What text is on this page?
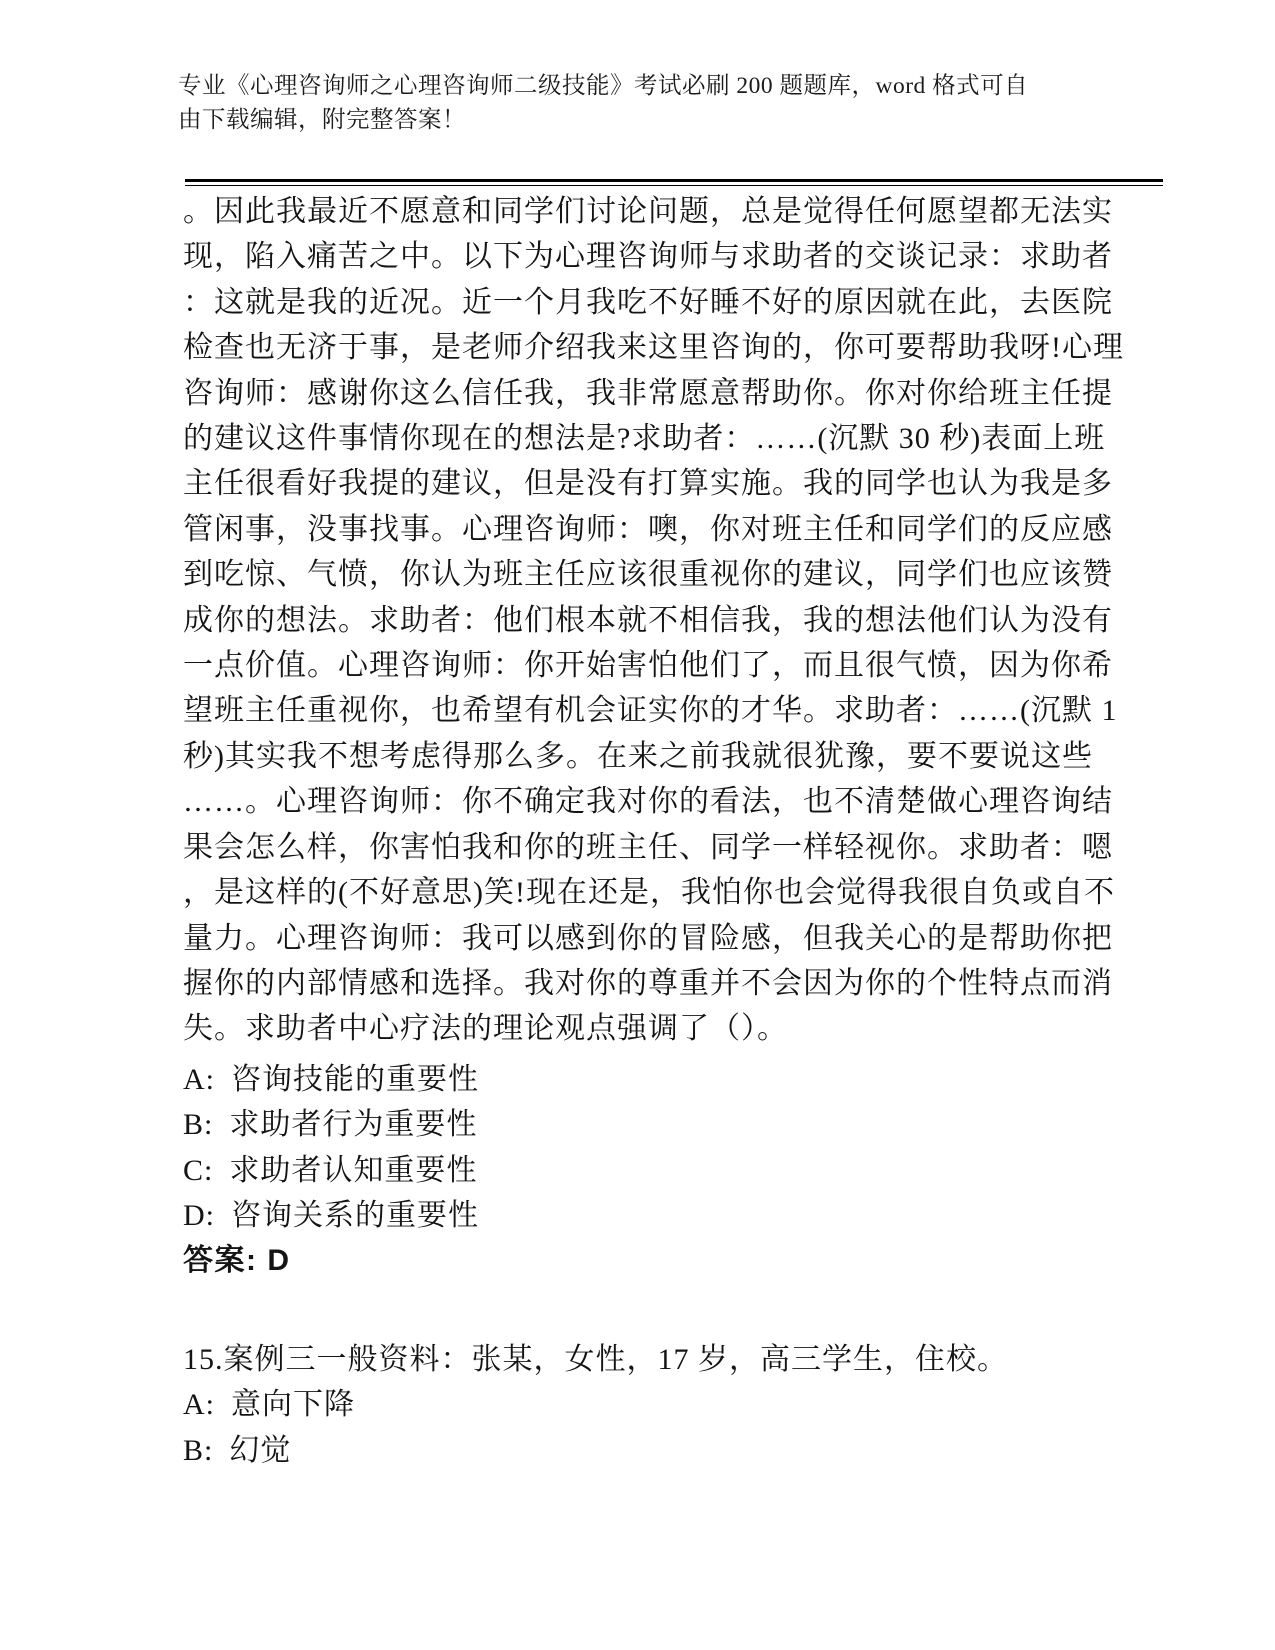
专业《心理咨询师之心理咨询师二级技能》考试必刷 200 题题库，word 格式可自
由下载编辑，附完整答案！
。因此我最近不愿意和同学们讨论问题，总是觉得任何愿望都无法实
现，陷入痛苦之中。以下为心理咨询师与求助者的交谈记录：求助者
：这就是我的近况。近一个月我吃不好睡不好的原因就在此，去医院
检查也无济于事，是老师介绍我来这里咨询的，你可要帮助我呀!心理
咨询师：感谢你这么信任我，我非常愿意帮助你。你对你给班主任提
的建议这件事情你现在的想法是?求助者：……(沉默 30 秒)表面上班
主任很看好我提的建议，但是没有打算实施。我的同学也认为我是多
管闲事，没事找事。心理咨询师：噢，你对班主任和同学们的反应感
到吃惊、气愤，你认为班主任应该很重视你的建议，同学们也应该赞
成你的想法。求助者：他们根本就不相信我，我的想法他们认为没有
一点价值。心理咨询师：你开始害怕他们了，而且很气愤，因为你希
望班主任重视你，也希望有机会证实你的才华。求助者：……(沉默 1
秒)其实我不想考虑得那么多。在来之前我就很犹豫，要不要说这些
……。心理咨询师：你不确定我对你的看法，也不清楚做心理咨询结
果会怎么样，你害怕我和你的班主任、同学一样轻视你。求助者：嗯
，是这样的(不好意思)笑!现在还是，我怕你也会觉得我很自负或自不
量力。心理咨询师：我可以感到你的冒险感，但我关心的是帮助你把
握你的内部情感和选择。我对你的尊重并不会因为你的个性特点而消
失。求助者中心疗法的理论观点强调了（）。
A: 咨询技能的重要性
B: 求助者行为重要性
C: 求助者认知重要性
D: 咨询关系的重要性
答案: D
15.案例三一般资料：张某，女性，17 岁，高三学生，住校。
A: 意向下降
B: 幻觉
